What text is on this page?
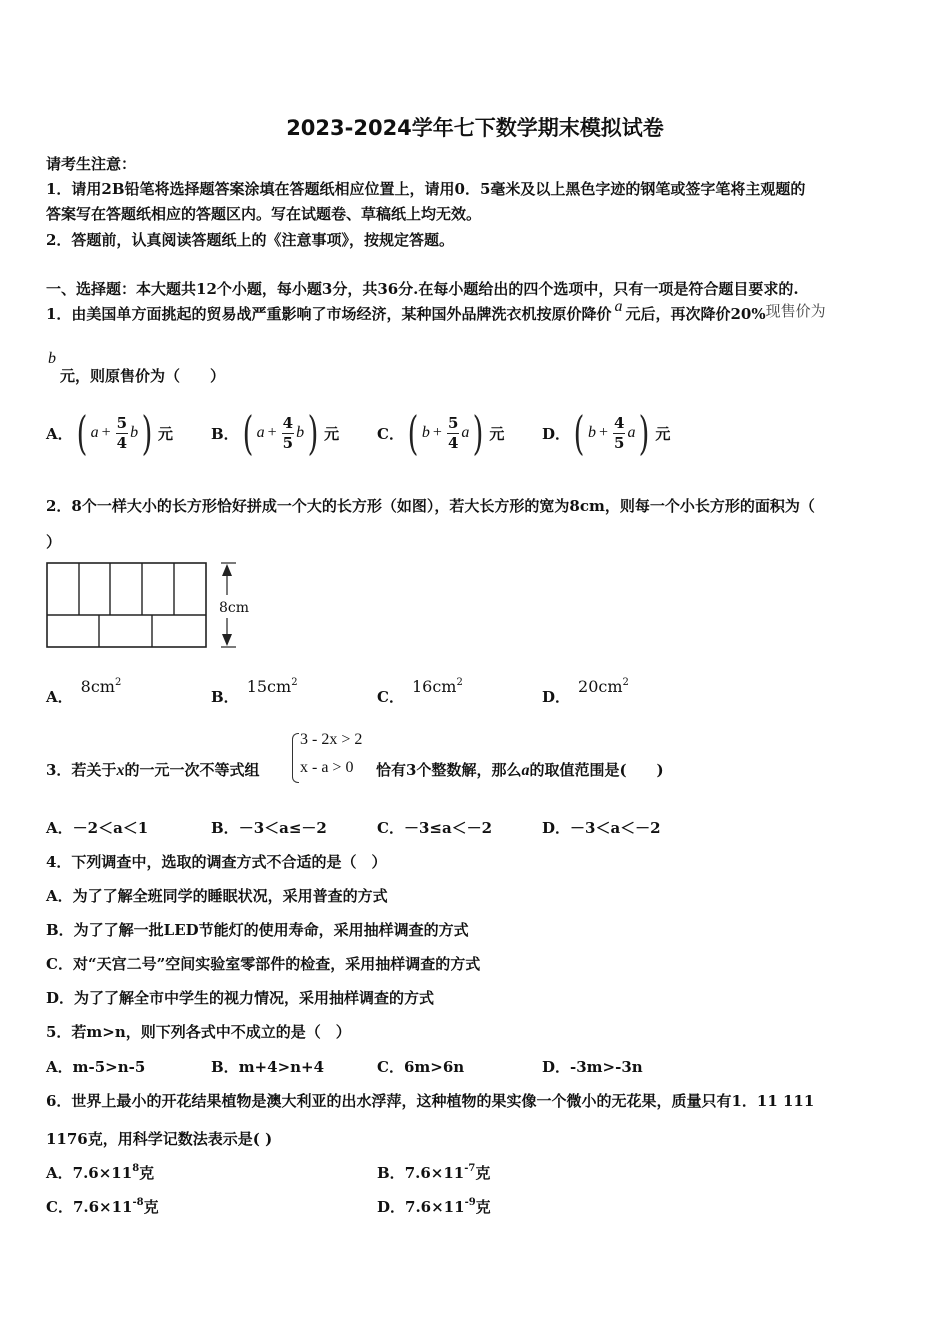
2023-2024学年七下数学期末模拟试卷
请考生注意：
1．请用2B铅笔将选择题答案涂填在答题纸相应位置上，请用0．5毫米及以上黑色字迹的钢笔或签字笔将主观题的
答案写在答题纸相应的答题区内。写在试题卷、草稿纸上均无效。
2．答题前，认真阅读答题纸上的《注意事项》，按规定答题。
一、选择题：本大题共12个小题，每小题3分，共36分.在每小题给出的四个选项中，只有一项是符合题目要求的.
1．由美国单方面挑起的贸易战严重影响了市场经济，某种国外品牌洗衣机按原价降价 a 元后，再次降价20%现售价为
b
元，则原售价为（　　）
A． ( $a + \frac{5}{4}$ b ) 元	B． ( $a + \frac{4}{5}$ b ) 元	C． ( $b + \frac{5}{4}$ a ) 元	D． ( $b + \frac{4}{5}$ a ) 元
2．8个一样大小的长方形恰好拼成一个大的长方形（如图），若大长方形的宽为8cm，则每一个小长方形的面积为（
）
8cm
A．$8cm^2$
B．$15cm^2$
C．$16cm^2$
D．$20cm^2$
3．若关于x的一元一次不等式组
3 - 2x > 2
x - a > 0 恰有3个整数解，那么a的取值范围是(　　)
A．－2＜a＜1	B．－3＜a≤－2	C．－3≤a＜－2	D．－3＜a＜－2
4．下列调查中，选取的调查方式不合适的是（　）
A．为了了解全班同学的睡眠状况，采用普查的方式
B．为了了解一批LED节能灯的使用寿命，采用抽样调查的方式
C．对“天宫二号”空间实验室零部件的检查，采用抽样调查的方式
D．为了了解全市中学生的视力情况，采用抽样调查的方式
5．若m>n，则下列各式中不成立的是（　）
A．m-5>n-5	B．m+4>n+4	C．6m>6n	D．-3m>-3n
6．世界上最小的开花结果植物是澳大利亚的出水浮萍，这种植物的果实像一个微小的无花果，质量只有1．11 111
1176克，用科学记数法表示是( )
A．$7.6\times 11^8$克	B．$7.6\times 11^{-7}$克
C．$7.6\times 11^{-8}$克	D．$7.6\times 11^{-9}$克
